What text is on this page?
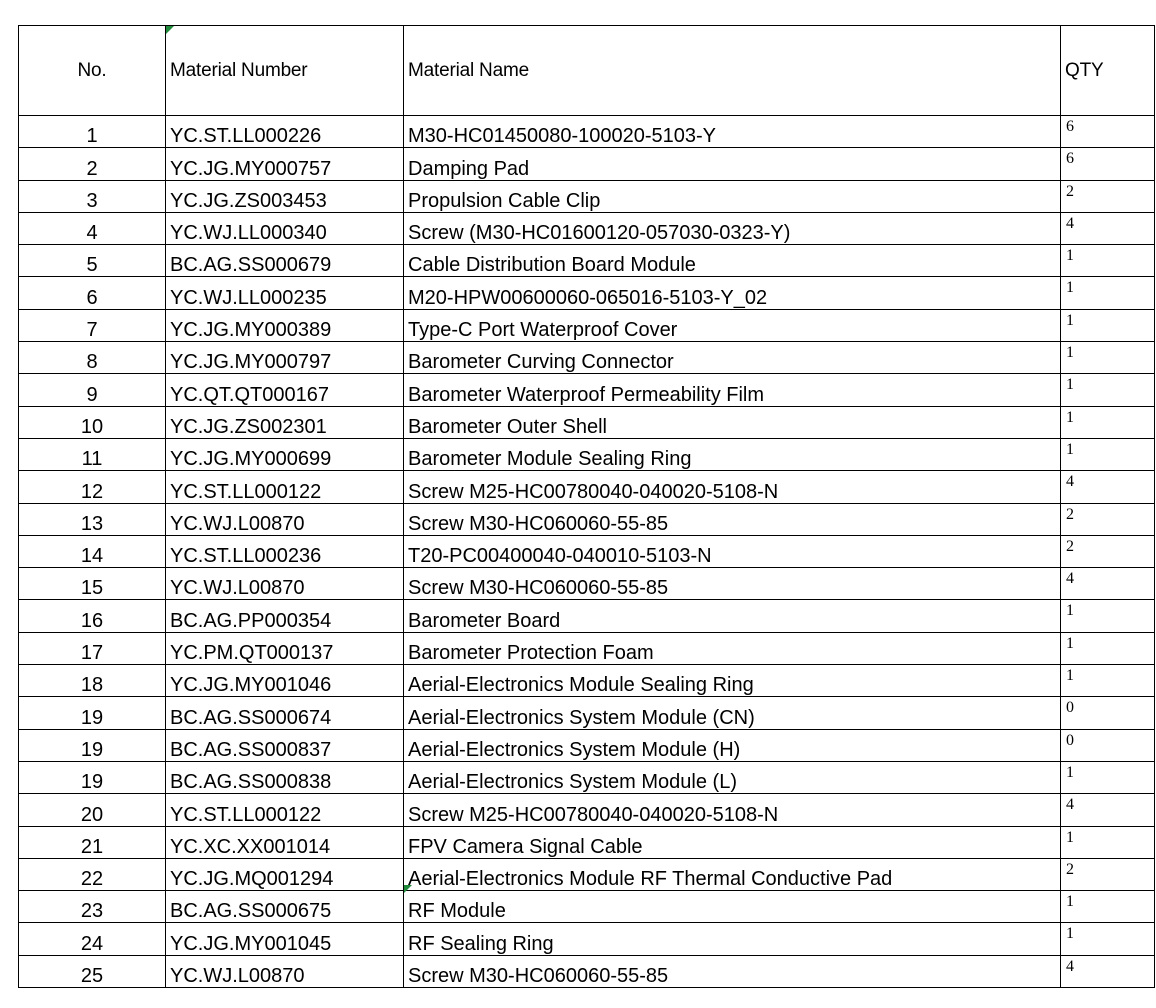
No.	Material Number	Material Name	QTY
1	YC.ST.LL000226	M30-HC01450080-100020-5103-Y	6
2	YC.JG.MY000757	Damping Pad	6
3	YC.JG.ZS003453	Propulsion Cable Clip	2
4	YC.WJ.LL000340	Screw (M30-HC01600120-057030-0323-Y)	4
5	BC.AG.SS000679	Cable Distribution Board Module	1
6	YC.WJ.LL000235	M20-HPW00600060-065016-5103-Y_02	1
7	YC.JG.MY000389	Type-C Port Waterproof Cover	1
8	YC.JG.MY000797	Barometer Curving Connector	1
9	YC.QT.QT000167	Barometer Waterproof Permeability Film	1
10	YC.JG.ZS002301	Barometer Outer Shell	1
11	YC.JG.MY000699	Barometer Module Sealing Ring	1
12	YC.ST.LL000122	Screw M25-HC00780040-040020-5108-N	4
13	YC.WJ.L00870	Screw M30-HC060060-55-85	2
14	YC.ST.LL000236	T20-PC00400040-040010-5103-N	2
15	YC.WJ.L00870	Screw M30-HC060060-55-85	4
16	BC.AG.PP000354	Barometer Board	1
17	YC.PM.QT000137	Barometer Protection Foam	1
18	YC.JG.MY001046	Aerial-Electronics Module Sealing Ring	1
19	BC.AG.SS000674	Aerial-Electronics System Module (CN)	0
19	BC.AG.SS000837	Aerial-Electronics System Module (H)	0
19	BC.AG.SS000838	Aerial-Electronics System Module (L)	1
20	YC.ST.LL000122	Screw M25-HC00780040-040020-5108-N	4
21	YC.XC.XX001014	FPV Camera Signal Cable	1
22	YC.JG.MQ001294	Aerial-Electronics Module RF Thermal Conductive Pad	2
23	BC.AG.SS000675	RF Module	1
24	YC.JG.MY001045	RF Sealing Ring	1
25	YC.WJ.L00870	Screw M30-HC060060-55-85	4
